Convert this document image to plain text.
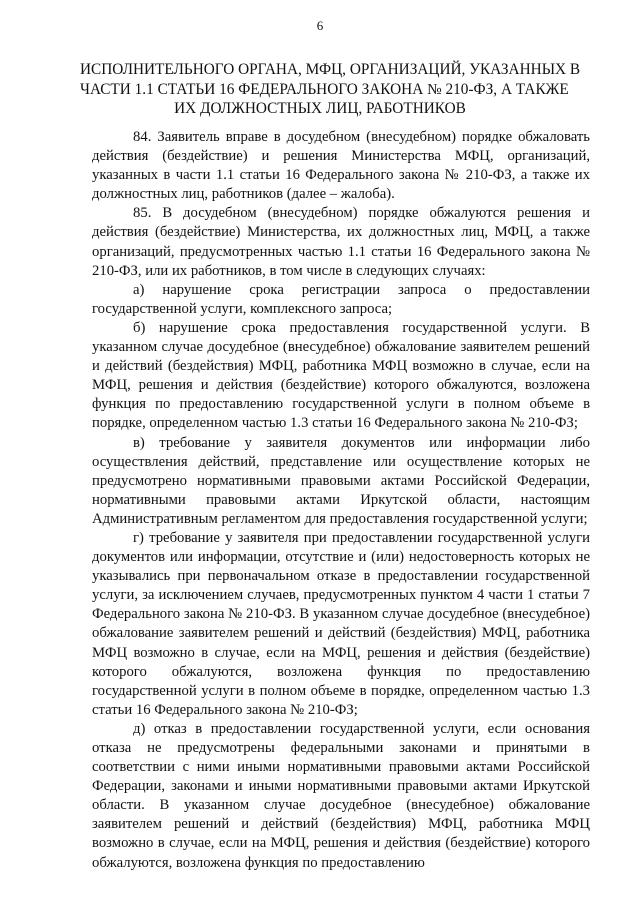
6
ИСПОЛНИТЕЛЬНОГО ОРГАНА, МФЦ, ОРГАНИЗАЦИЙ, УКАЗАННЫХ В
ЧАСТИ 1.1 СТАТЬИ 16 ФЕДЕРАЛЬНОГО ЗАКОНА № 210-ФЗ, А ТАКЖЕ
ИХ ДОЛЖНОСТНЫХ ЛИЦ, РАБОТНИКОВ

84. Заявитель вправе в досудебном (внесудебном) порядке обжаловать действия (бездействие) и решения Министерства МФЦ, организаций, указанных в части 1.1 статьи 16 Федерального закона № 210-ФЗ, а также их должностных лиц, работников (далее – жалоба).

85. В досудебном (внесудебном) порядке обжалуются решения и действия (бездействие) Министерства, их должностных лиц, МФЦ, а также организаций, предусмотренных частью 1.1 статьи 16 Федерального закона № 210-ФЗ, или их работников, в том числе в следующих случаях:

а) нарушение срока регистрации запроса о предоставлении государственной услуги, комплексного запроса;

б) нарушение срока предоставления государственной услуги. В указанном случае досудебное (внесудебное) обжалование заявителем решений и действий (бездействия) МФЦ, работника МФЦ возможно в случае, если на МФЦ, решения и действия (бездействие) которого обжалуются, возложена функция по предоставлению государственной услуги в полном объеме в порядке, определенном частью 1.3 статьи 16 Федерального закона № 210-ФЗ;

в) требование у заявителя документов или информации либо осуществления действий, представление или осуществление которых не предусмотрено нормативными правовыми актами Российской Федерации, нормативными правовыми актами Иркутской области, настоящим Административным регламентом для предоставления государственной услуги;

г) требование у заявителя при предоставлении государственной услуги документов или информации, отсутствие и (или) недостоверность которых не указывались при первоначальном отказе в предоставлении государственной услуги, за исключением случаев, предусмотренных пунктом 4 части 1 статьи 7 Федерального закона № 210-ФЗ. В указанном случае досудебное (внесудебное) обжалование заявителем решений и действий (бездействия) МФЦ, работника МФЦ возможно в случае, если на МФЦ, решения и действия (бездействие) которого обжалуются, возложена функция по предоставлению государственной услуги в полном объеме в порядке, определенном частью 1.3 статьи 16 Федерального закона № 210-ФЗ;

д) отказ в предоставлении государственной услуги, если основания отказа не предусмотрены федеральными законами и принятыми в соответствии с ними иными нормативными правовыми актами Российской Федерации, законами и иными нормативными правовыми актами Иркутской области. В указанном случае досудебное (внесудебное) обжалование заявителем решений и действий (бездействия) МФЦ, работника МФЦ возможно в случае, если на МФЦ, решения и действия (бездействие) которого обжалуются, возложена функция по предоставлению
